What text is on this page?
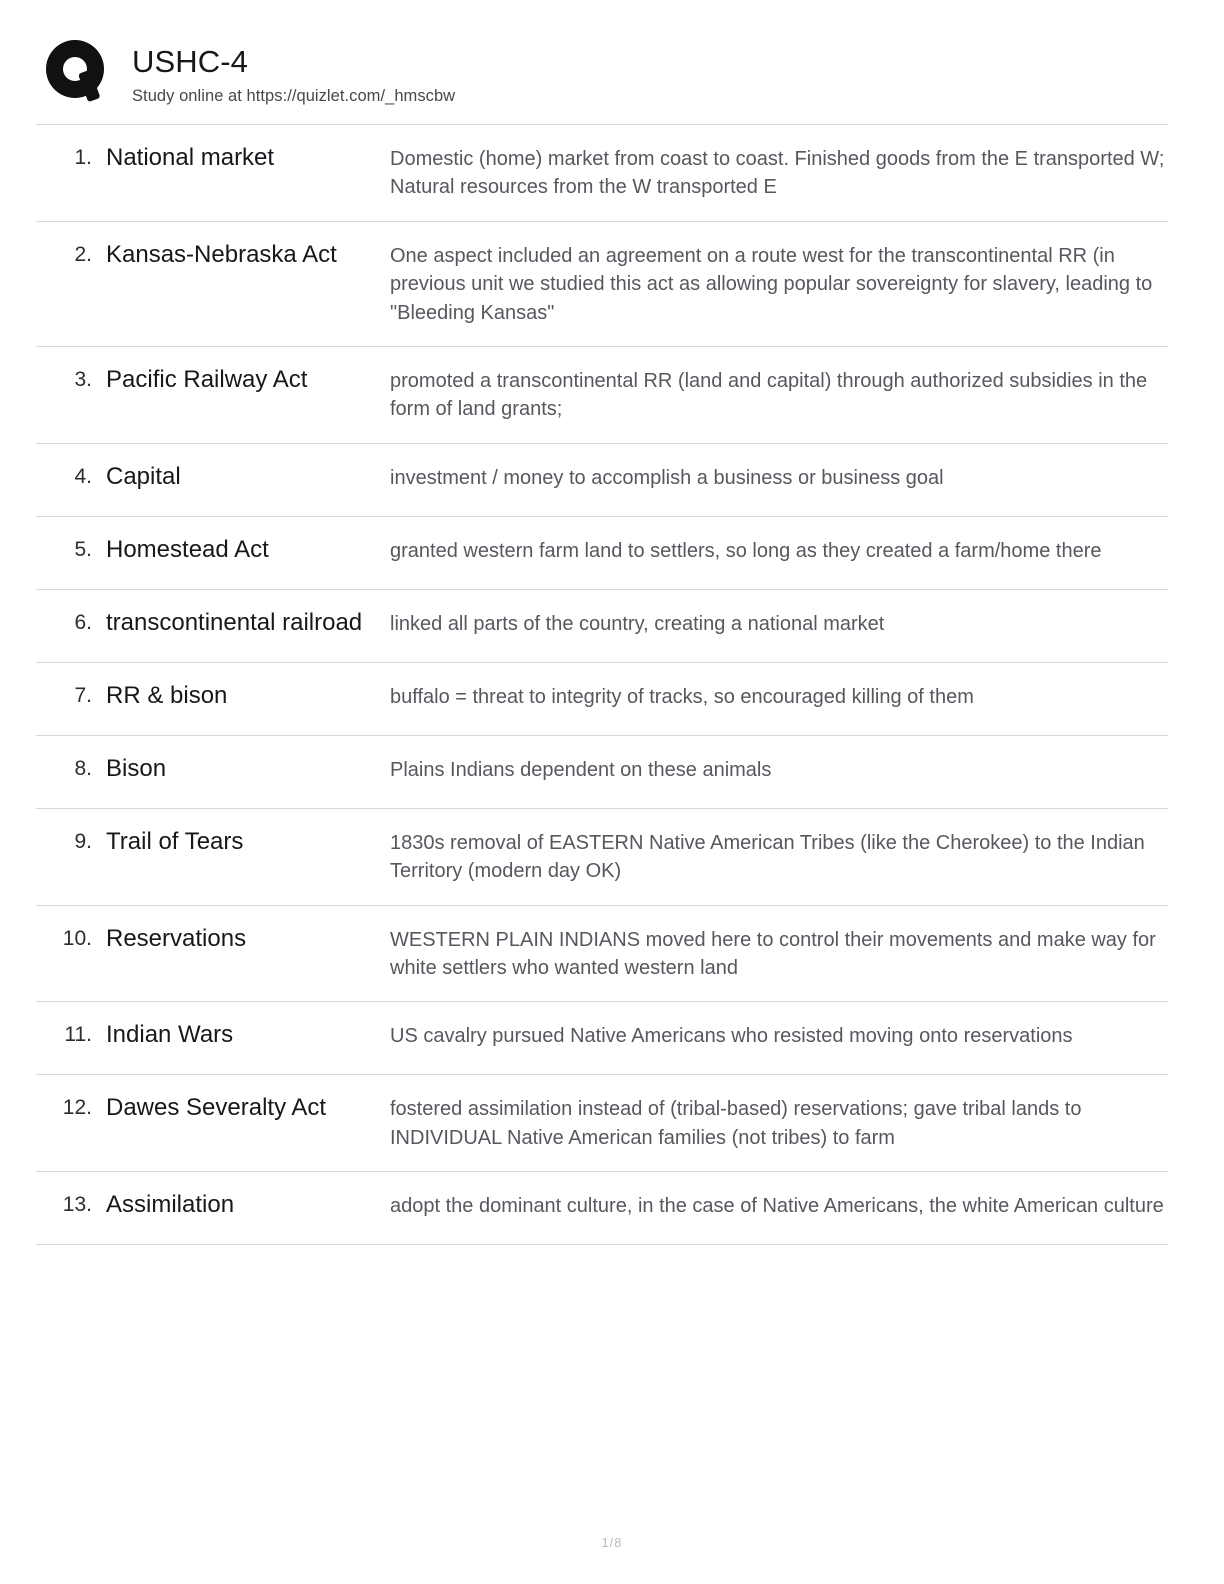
USHC-4
Study online at https://quizlet.com/_hmscbw
1. National market	Domestic (home) market from coast to coast. Finished goods from the E transported W; Natural resources from the W transported E
2. Kansas-Nebraska Act	One aspect included an agreement on a route west for the transcontinental RR (in previous unit we studied this act as allowing popular sovereignty for slavery, leading to "Bleeding Kansas"
3. Pacific Railway Act	promoted a transcontinental RR (land and capital) through authorized subsidies in the form of land grants;
4. Capital	investment / money to accomplish a business or business goal
5. Homestead Act	granted western farm land to settlers, so long as they created a farm/home there
6. transcontinental railroad	linked all parts of the country, creating a national market
7. RR & bison	buffalo = threat to integrity of tracks, so encouraged killing of them
8. Bison	Plains Indians dependent on these animals
9. Trail of Tears	1830s removal of EASTERN Native American Tribes (like the Cherokee) to the Indian Territory (modern day OK)
10. Reservations	WESTERN PLAIN INDIANS moved here to control their movements and make way for white settlers who wanted western land
11. Indian Wars	US cavalry pursued Native Americans who resisted moving onto reservations
12. Dawes Severalty Act	fostered assimilation instead of (tribal-based) reservations; gave tribal lands to INDIVIDUAL Native American families (not tribes) to farm
13. Assimilation	adopt the dominant culture, in the case of Native Americans, the white American culture
1/8
